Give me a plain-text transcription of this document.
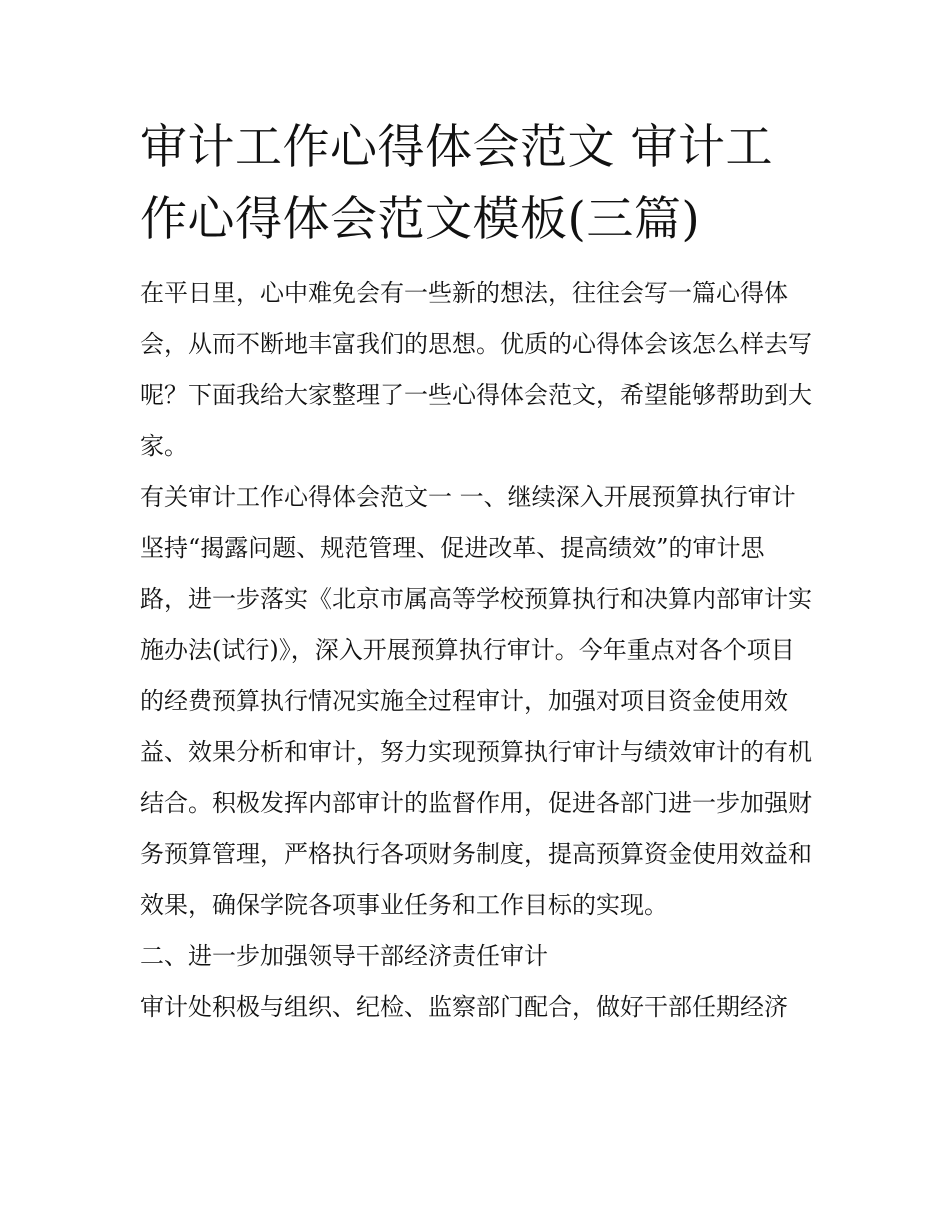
审计工作心得体会范文 审计工作心得体会范文模板(三篇)

在平日里，心中难免会有一些新的想法，往往会写一篇心得体会，从而不断地丰富我们的思想。优质的心得体会该怎么样去写呢？下面我给大家整理了一些心得体会范文，希望能够帮助到大家。

有关审计工作心得体会范文一 一、继续深入开展预算执行审计

坚持“揭露问题、规范管理、促进改革、提高绩效”的审计思路，进一步落实《北京市属高等学校预算执行和决算内部审计实施办法(试行)》，深入开展预算执行审计。今年重点对各个项目的经费预算执行情况实施全过程审计，加强对项目资金使用效益、效果分析和审计，努力实现预算执行审计与绩效审计的有机结合。积极发挥内部审计的监督作用，促进各部门进一步加强财务预算管理，严格执行各项财务制度，提高预算资金使用效益和效果，确保学院各项事业任务和工作目标的实现。

二、进一步加强领导干部经济责任审计

审计处积极与组织、纪检、监察部门配合，做好干部任期经济
